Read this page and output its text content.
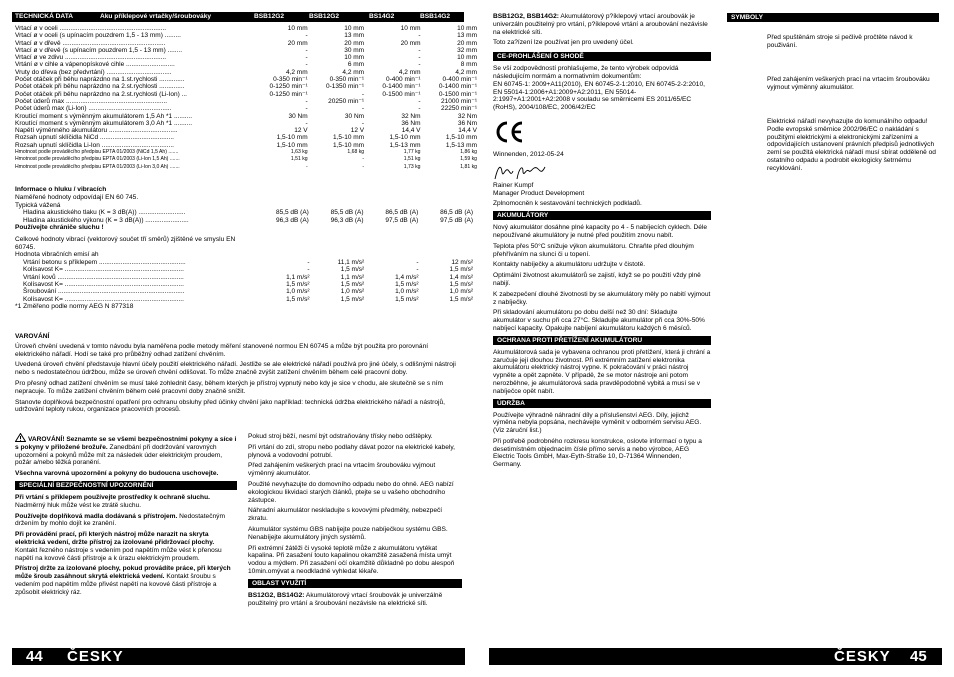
TECHNICKÁ DATA	Aku příklepové vrtačky/šroubováky	BSB12G2	BSB12G2	BS14G2	BSB14G2
Vrtací ø v oceli ...........................................................	10 mm	10 mm	10 mm	10 mm
Vrtací ø v oceli (s upínacím pouzdrem 1,5 - 13 mm) .........	-	13 mm	-	13 mm
Vrtací ø v dřevě .........................................................	20 mm	20 mm	20 mm	20 mm
Vrtací ø v dřevě (s upínacím pouzdrem 1,5 - 13 mm) ........	-	30 mm	-	32 mm
Vrtací ø ve zdivu ........................................................	-	10 mm	-	10 mm
Vrtání ø v cihle a vápenopískové cihle ...........................	-	6 mm	-	8 mm
Vruty do dřeva (bez předvrtání) ....................................	4,2 mm	4,2 mm	4,2 mm	4,2 mm
Počet otáček při běhu naprázdno na 1.st.rychlosti ..............	0-350 min⁻¹	0-350 min⁻¹	0-400 min⁻¹	0-400 min⁻¹
Počet otáček při běhu naprázdno na 2.st.rychlosti ..............	0-1250 min⁻¹	0-1350 min⁻¹	0-1400 min⁻¹	0-1400 min⁻¹
Počet otáček při běhu naprázdno na 2.st.rychlosti (Li-Ion) ...	0-1250 min⁻¹	-	0-1500 min⁻¹	0-1500 min⁻¹
Počet úderů max ........................................................	-	20250 min⁻¹	-	21000 min⁻¹
Počet úderů max (Li-Ion) ..............................................	-	-	-	22250 min⁻¹
Kroutící moment s výměnným akumulátorem 1,5 Ah *1 ..........	30 Nm	30 Nm	32 Nm	32 Nm
Kroutící moment s výměnným akumulátorem 3,0 Ah *1 ..........	-	-	36 Nm	36 Nm
Napětí výměnného akumulátoru ......................................	12 V	12 V	14,4 V	14,4 V
Rozsah upnutí sklíčidla NiCd .........................................	1,5-10 mm	1,5-10 mm	1,5-10 mm	1,5-10 mm
Rozsah upnutí sklíčidla Li-Ion ........................................	1,5-10 mm	1,5-10 mm	1,5-13 mm	1,5-13 mm
Hmotnost podle prováděcího předpisu EPTA 01/2003 (NiCd 1,5 Ah) .......	1,63 kg	1,68 kg	1,77 kg	1,86 kg
Hmotnost podle prováděcího předpisu EPTA 01/2003 (Li-Ion 1,5 Ah) .......	1,51 kg	-	1,51 kg	1,59 kg
Hmotnost podle prováděcího předpisu EPTA 01/2003 (Li-Ion 3,0 Ah) .......	-	-	1,73 kg	1,81 kg

Informace o hluku / vibracích

Naměřené hodnoty odpovídají EN 60 745.
Typická vážená
Hladina akustického tlaku (K = 3 dB(A)) ..........................	85,5 dB (A)	85,5 dB (A)	86,5 dB (A)	86,5 dB (A)
Hladina akustického výkonu (K = 3 dB(A)) ........................	96,3 dB (A)	96,3 dB (A)	97,5 dB (A)	97,5 dB (A)
Používejte chrániče sluchu !
Celkové hodnoty vibrací (vektorový součet tří směrů) zjištěné ve smyslu EN 60745.
Hodnota vibračních emisí ah
Vrtání betonu s příklepem ................................................	-	11,1 m/s²	-	12 m/s²
Kolísavost K= ..................................................................	-	1,5 m/s²	-	1,5 m/s²
Vrtání kovů ......................................................................	1,1 m/s²	1,1 m/s²	1,4 m/s²	1,4 m/s²
Kolísavost K= ..................................................................	1,5 m/s²	1,5 m/s²	1,5 m/s²	1,5 m/s²
Šroubování ......................................................................	1,0 m/s²	1,0 m/s²	1,0 m/s²	1,0 m/s²
Kolísavost K= ..................................................................	1,5 m/s²	1,5 m/s²	1,5 m/s²	1,5 m/s²
*1 Změřeno podle normy AEG N 877318

VAROVÁNÍ

Úroveň chvění uvedená v tomto návodu byla naměřena podle metody měření stanovené normou EN 60745 a může být použita pro porovnání elektrického nářadí. Hodí se také pro průběžný odhad zatížení chvěním.

Uvedená úroveň chvění představuje hlavní účely použití elektrického nářadí. Jestliže se ale elektrické nářadí používá pro jiné účely, s odlišnými nástroji nebo s nedostatečnou údržbou, může se úroveň chvění odlišovat. To může značně zvýšit zatížení chvěním během celé pracovní doby.

Pro přesný odhad zatížení chvěním se musí také zohlednit časy, během kterých je přístroj vypnutý nebo kdy je sice v chodu, ale skutečně se s ním nepracuje. To může zatížení chvěním během celé pracovní doby značně snížit.

Stanovte doplňková bezpečnostní opatření pro ochranu obsluhy před účinky chvění jako například: technická údržba elektrického nářadí a nástrojů, udržování teploty rukou, organizace pracovních procesů.

VAROVÁNÍ! Seznamte se se všemi bezpečnostními pokyny a síce i s pokyny v přiložené brožuře. Zanedbání při dodržování varovných upozornění a pokynů může mít za následek úder elektrickým proudem, požár a/nebo těžká poranění.

Všechna varovná upozornění a pokyny do budoucna uschovejte.

SPECIÁLNÍ BEZPEČNOSTNÍ UPOZORNĚNÍ

Při vrtání s příklepem používejte prostředky k ochraně sluchu. Nadměrný hluk může vést ke ztrátě sluchu.

Používejte doplňková madla dodávaná s přístrojem. Nedostatečným držením by mohlo dojít ke zranění.

Při provádění prací, při kterých nástroj může narazit na skryta elektrická vedení, držte přístroj za izolované přidržovací plochy. Kontakt řezného nástroje s vedením pod napětím může vést k přenosu napětí na kovové části přístroje a k úrazu elektrickým proudem.

Přístroj držte za izolované plochy, pokud provádíte práce, při kterých může šroub zasáhnout skrytá elektrická vedení. Kontakt šroubu s vedením pod napětím může přivést napětí na kovové části přístroje a způsobit elektrický ráz.

Pokud stroj běží, nesmí být odstraňovány třísky nebo odštěpky.

Při vrtání do zdí, stropu nebo podlahy dávat pozor na elektrické kabely, plynová a vodovodní potrubí.

Před zahájením veškerých prací na vrtacím šroubováku vyjmout výměnný akumulátor.

Použité nevyhazujte do domovního odpadu nebo do ohně. AEG nabízí ekologickou likvidaci starých článků, ptejte se u vašeho obchodního zástupce.

Náhradní akumulátor neskladujte s kovovými předměty, nebezpečí zkratu.

Akumulátor systému GBS nabíjejte pouze nabíječkou systému GBS. Nenabíjejte akumulátory jiných systémů.

Při extrémní žátěži či vysoké teplotě může z akumulátoru vytékat kapalina. Při zasažení touto kapalinou okamžitě zasažená místa umýt vodou a mýdlem. Při zasažení očí okamžitě důkladně po dobu alespoň 10min.omývat a neodkladně vyhledat lékaře.

OBLAST VYUŽITÍ

BS12G2, BS14G2: Akumulátorový vrtací šroubovák je univerzálně použitelný pro vrtání a šroubování nezávisle na elektrické síti.

44 ČESKY

BSB12G2, BSB14G2: Akumulátorový p?íklepový vrtací aroubovák je univerzáln použitelný pro vrtání, p?íklepové vrtání a aroubování nezávisle na elektrické síti.

Toto za?ízení lze používat jen pro uvedený účel.

CE-PROHLÁŠENÍ O SHODĚ

Se vší zodpovědností prohlašujeme, že tento výrobek odpovídá následujícím normám a normativním dokumentům:

EN 60745-1: 2009+A11(2010), EN 60745-2-1:2010, EN 60745-2-2:2010, EN 55014-1:2006+A1:2009+A2:2011, EN 55014-2:1997+A1:2001+A2:2008 v souladu se směrnicemi ES 2011/65/EC (RoHS), 2004/108/EC, 2006/42/EC

Winnenden, 2012-05-24

Rainer Kumpf
Manager Product Development

Zplnomocněn k sestavování technických podkladů.

AKUMULÁTORY

Nový akumulátor dosáhne plné kapacity po 4 - 5 nabíjecích cyklech. Déle nepoužívané akumulátory je nutné před použitím znovu nabít.

Teplota přes 50°C snižuje výkon akumulátoru. Chraňte před dlouhým přehříváním na slunci či u topení.

Kontakty nabíječky a akumulátoru udržujte v čistotě.

Optimální životnost akumulátorů se zajistí, když se po použití vždy plně nabijí.

K zabezpečení dlouhé životnosti by se akumulátory měly po nabití vyjmout z nabíječky.

Při skladování akumulátoru po dobu delší než 30 dní: Skladujte akumulátor v suchu při cca 27°C. Skladujte akumulátor při cca 30%-50% nabíjecí kapacity. Opakujte nabíjení akumulátoru každých 6 měsíců.

OCHRANA PROTI PŘETÍŽENÍ AKUMULÁTORU

Akumulátorová sada je vybavena ochranou proti přetížení, která ji chrání a zaručuje její dlouhou životnost. Při extrémním zatížení elektronika akumulátoru elektrický nástroj vypne. K pokračování v práci nástroj vypněte a opět zapněte. V případě, že se motor nástroje ani potom nerozběhne, je akumulátorová sada pravděpodobně vybitá a musí se v nabíječce opět nabít.

ÚDRŽBA

Používejte výhradně náhradní díly a příslušenství AEG. Díly, jejichž výměna nebyla popsána, nechávejte vyměnit v odborném servisu AEG. (Viz záruční list.)

Při potřebě podrobného rozkresu konstrukce, oslovte informací o typu a desetimístném objednacím čísle přímo servis a nebo výrobce, AEG Electric Tools GmbH, Max-Eyth-Straße 10, D-71364 Winnenden, Germany.

SYMBOLY
Před spuštěnám stroje si pečlivě pročtěte návod k použivání.
Před zahájením veškerých prací na vrtacím šroubováku vyjmout výměnný akumulátor.
Elektrické nářadí nevyhazujte do komunálního odpadu! Podle evropské směrnice 2002/96/EC o nakládání s použitými elektrickými a elektronickými zařízeními a odpovídajících ustanovení právních předpisů jednotlivých zemí se použitá elektrická nářadí musí sbírat odděleně od ostatního odpadu a podrobit ekologicky šetrnému recyklování.
ČESKY 45
